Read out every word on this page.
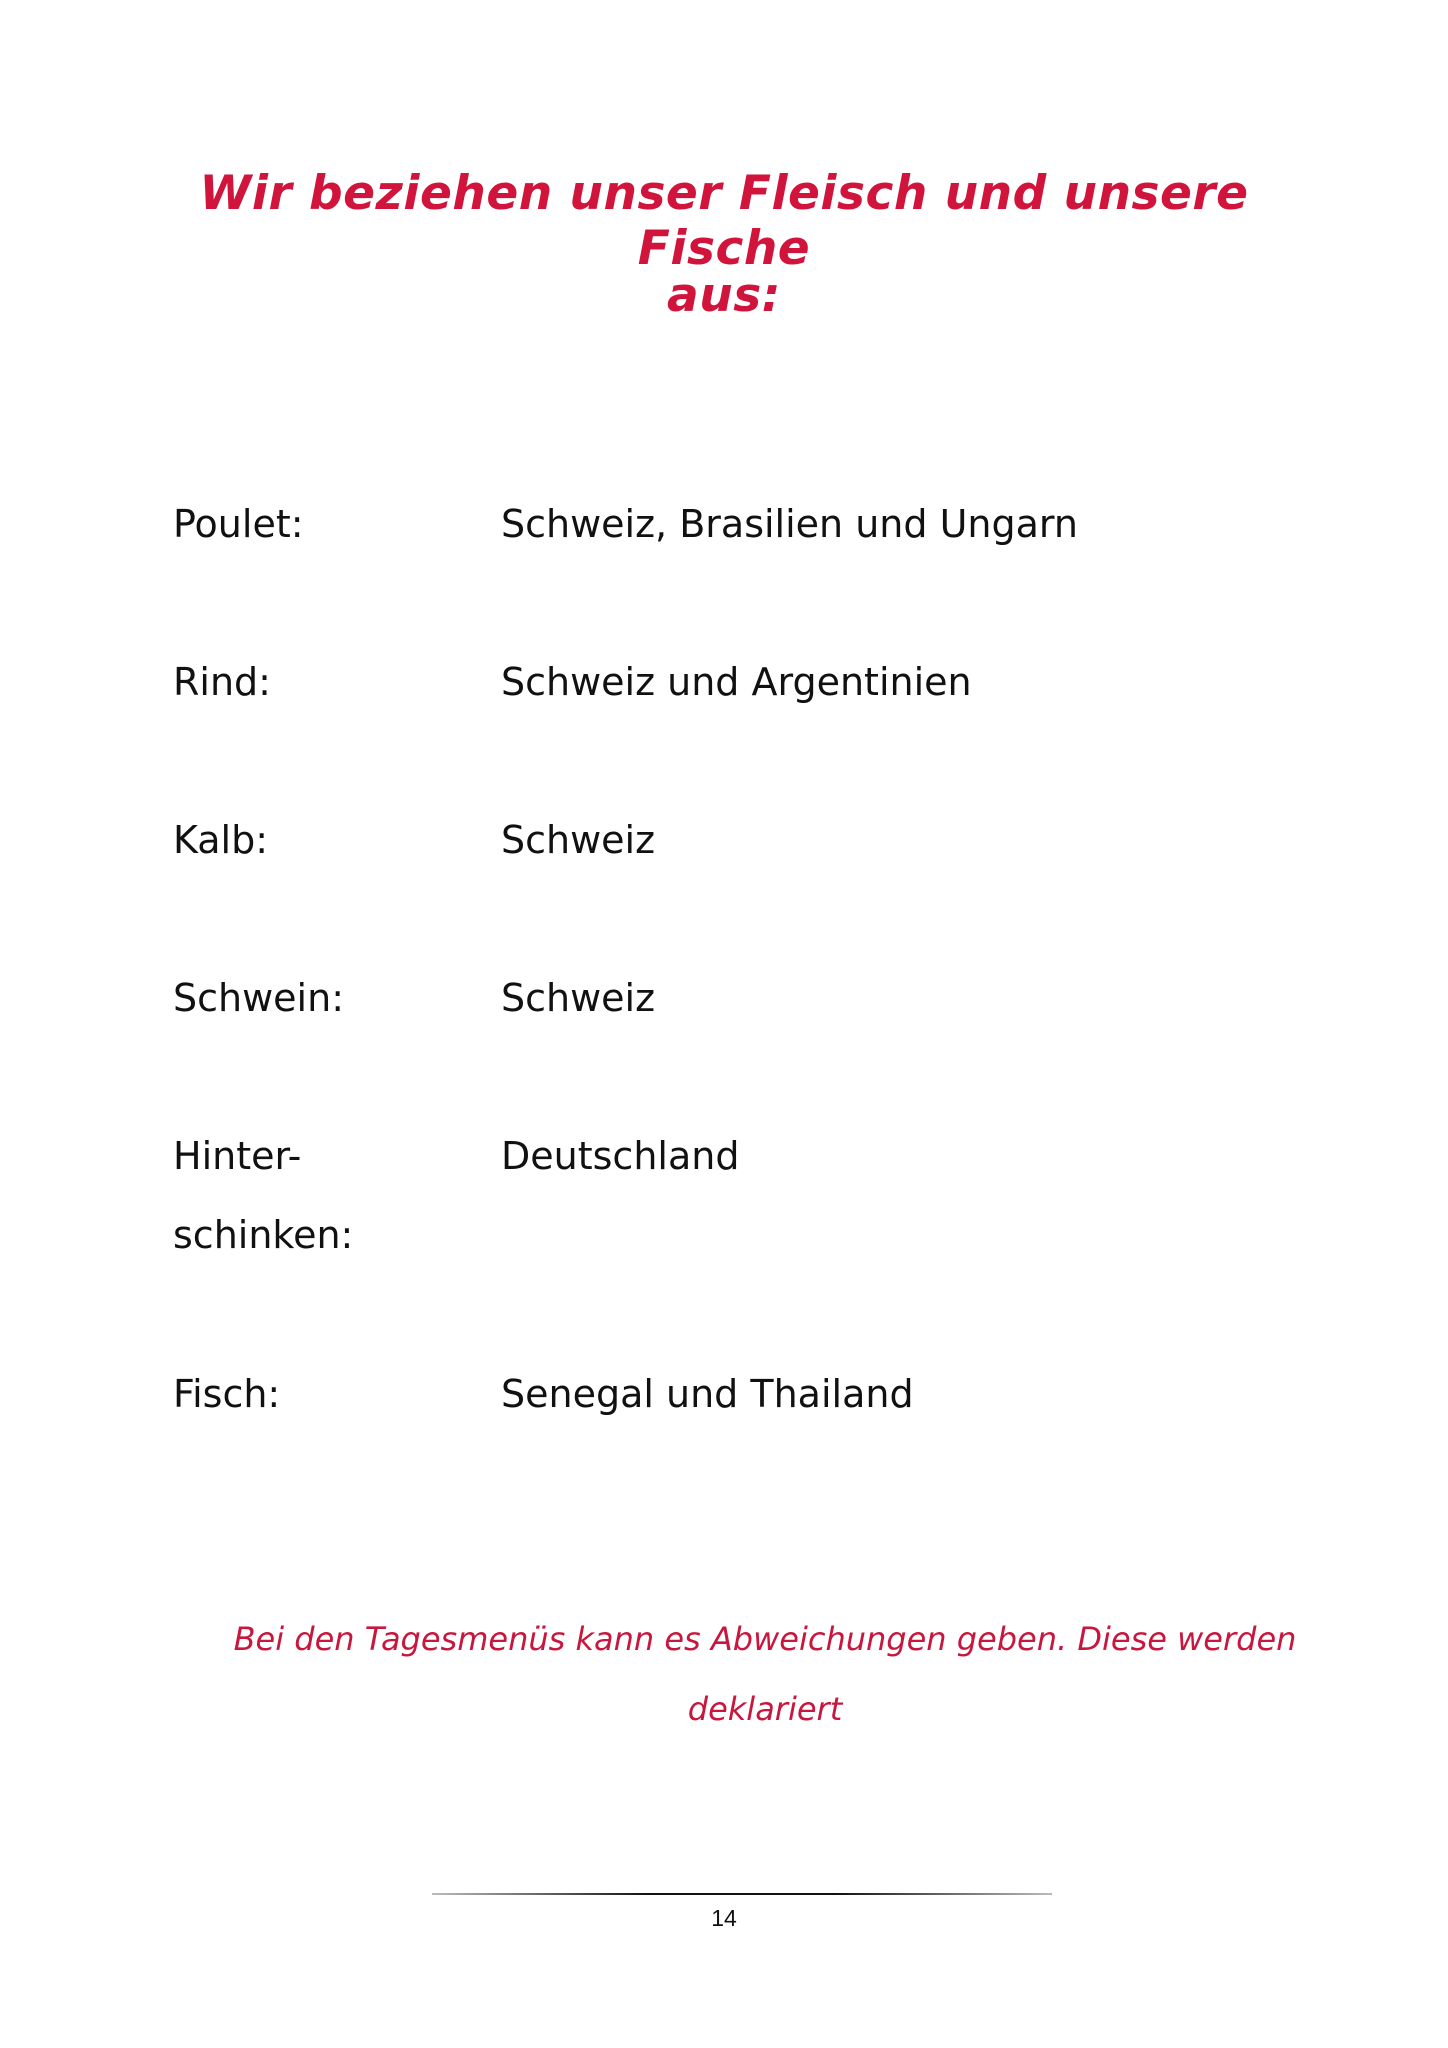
Wir beziehen unser Fleisch und unsere Fische
aus:
Poulet:	Schweiz, Brasilien und Ungarn
Rind:	Schweiz und Argentinien
Kalb:	Schweiz
Schwein:	Schweiz
Hinter-
schinken:
Deutschland
Fisch:	Senegal und Thailand

Bei den Tagesmenüs kann es Abweichungen geben. Diese werden

deklariert

14
